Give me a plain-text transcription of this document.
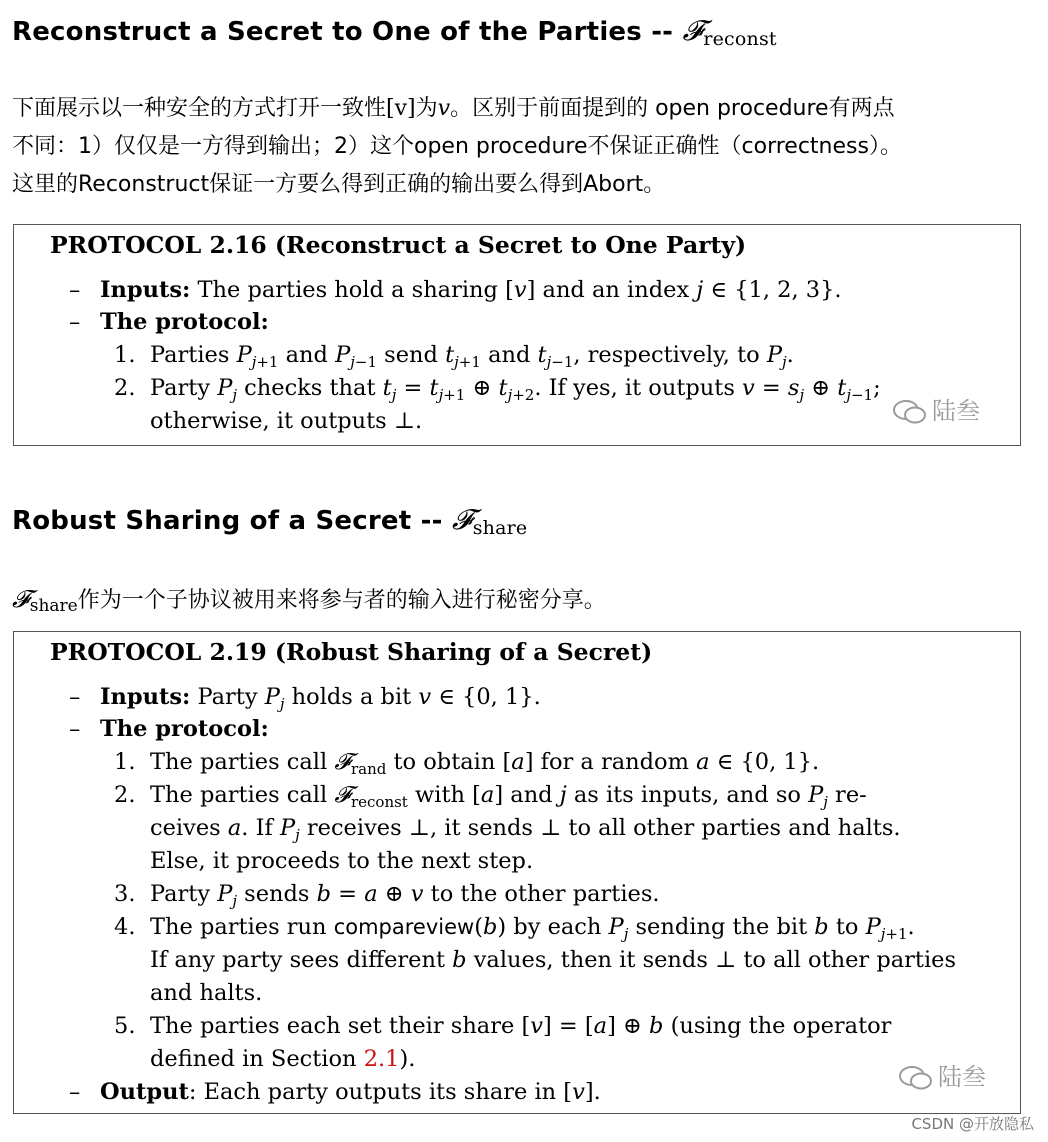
Reconstruct a Secret to One of the Parties -- 𝓕reconst
下面展示以一种安全的方式打开一致性[v]为v。区别于前面提到的 open procedure有两点
不同：1）仅仅是一方得到输出；2）这个open procedure不保证正确性（correctness）。
这里的Reconstruct保证一方要么得到正确的输出要么得到Abort。
PROTOCOL 2.16 (Reconstruct a Secret to One Party)
– Inputs: The parties hold a sharing [v] and an index j ∈ {1, 2, 3}.
– The protocol:
1. Parties $P_{j+1}$ and $P_{j-1}$ send $t_{j+1}$ and $t_{j-1}$, respectively, to $P_j$.
2. Party $P_j$ checks that $t_j = t_{j+1}$ ⊕ $t_{j+2}$. If yes, it outputs $v = s_j$ ⊕ $t_{j-1}$;
otherwise, it outputs ⊥.	陆叁
Robust Sharing of a Secret -- 𝓕share
𝓕share作为一个子协议被用来将参与者的输入进行秘密分享。
PROTOCOL 2.19 (Robust Sharing of a Secret)
– Inputs: Party $P_j$ holds a bit v ∈ {0, 1}.
– The protocol:
1. The parties call 𝓕$_{rand}$ to obtain [a] for a random a ∈ {0, 1}.
2. The parties call 𝓕$_{reconst}$ with [a] and j as its inputs, and so $P_j$ re-
ceives a. If $P_j$ receives ⊥, it sends ⊥ to all other parties and halts.
Else, it proceeds to the next step.
3. Party $P_j$ sends b = a ⊕ v to the other parties.
4. The parties run compareview(b) by each $P_j$ sending the bit b to $P_{j+1}$.
If any party sees different b values, then it sends ⊥ to all other parties
and halts.
5. The parties each set their share [v] = [a] ⊕ b (using the operator
defined in Section 2.1).
– Output: Each party outputs its share in [v].
陆叁
CSDN @开放隐私
